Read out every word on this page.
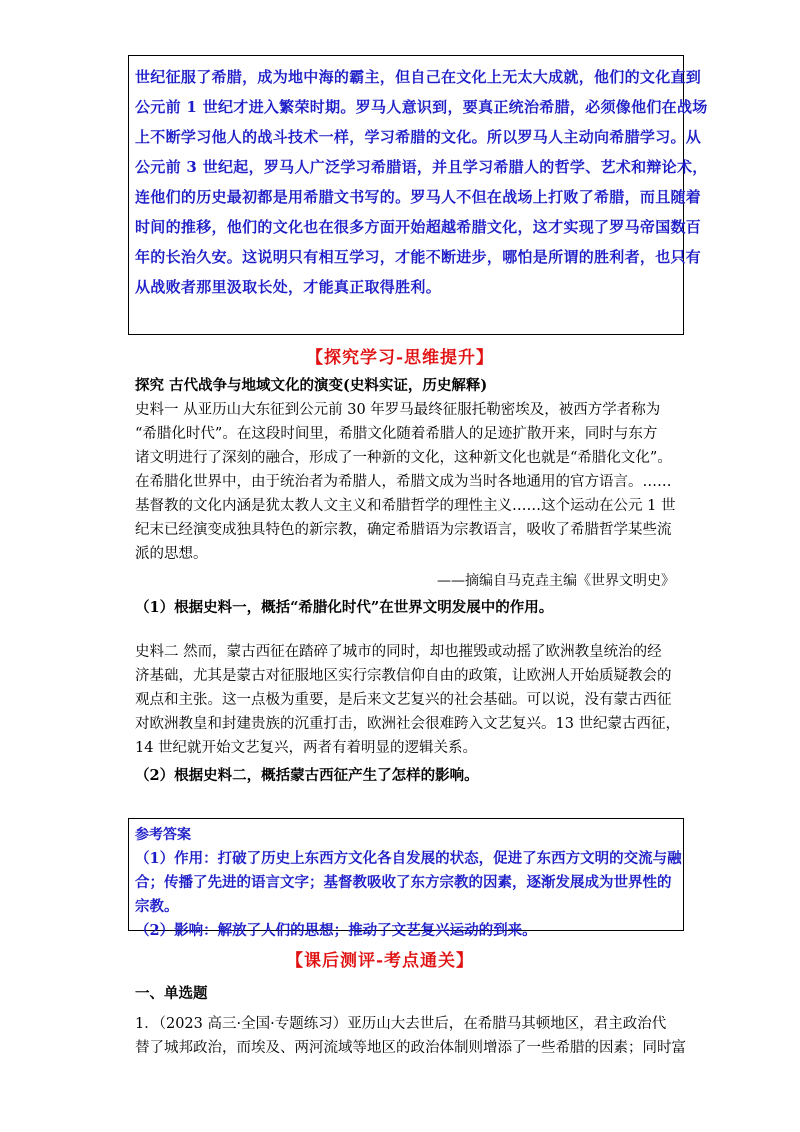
世纪征服了希腊，成为地中海的霸主，但自己在文化上无太大成就，他们的文化直到
公元前 1 世纪才进入繁荣时期。罗马人意识到，要真正统治希腊，必须像他们在战场
上不断学习他人的战斗技术一样，学习希腊的文化。所以罗马人主动向希腊学习。从
公元前 3 世纪起，罗马人广泛学习希腊语，并且学习希腊人的哲学、艺术和辩论术，
连他们的历史最初都是用希腊文书写的。罗马人不但在战场上打败了希腊，而且随着
时间的推移，他们的文化也在很多方面开始超越希腊文化，这才实现了罗马帝国数百
年的长治久安。这说明只有相互学习，才能不断进步，哪怕是所谓的胜利者，也只有
从战败者那里汲取长处，才能真正取得胜利。
【探究学习-思维提升】
探究 古代战争与地域文化的演变(史料实证，历史解释)
史料一 从亚历山大东征到公元前 30 年罗马最终征服托勒密埃及，被西方学者称为
“希腊化时代”。在这段时间里，希腊文化随着希腊人的足迹扩散开来，同时与东方
诸文明进行了深刻的融合，形成了一种新的文化，这种新文化也就是“希腊化文化”。
在希腊化世界中，由于统治者为希腊人，希腊文成为当时各地通用的官方语言。……
基督教的文化内涵是犹太教人文主义和希腊哲学的理性主义……这个运动在公元 1 世
纪末已经演变成独具特色的新宗教，确定希腊语为宗教语言，吸收了希腊哲学某些流
派的思想。
——摘编自马克垚主编《世界文明史》
（1）根据史料一，概括“希腊化时代”在世界文明发展中的作用。
史料二 然而，蒙古西征在踏碎了城市的同时，却也摧毁或动摇了欧洲教皇统治的经
济基础，尤其是蒙古对征服地区实行宗教信仰自由的政策，让欧洲人开始质疑教会的
观点和主张。这一点极为重要，是后来文艺复兴的社会基础。可以说，没有蒙古西征
对欧洲教皇和封建贵族的沉重打击，欧洲社会很难跨入文艺复兴。13 世纪蒙古西征，
14 世纪就开始文艺复兴，两者有着明显的逻辑关系。
（2）根据史料二，概括蒙古西征产生了怎样的影响。
参考答案
（1）作用：打破了历史上东西方文化各自发展的状态，促进了东西方文明的交流与融
合；传播了先进的语言文字；基督教吸收了东方宗教的因素，逐渐发展成为世界性的
宗教。
（2）影响：解放了人们的思想；推动了文艺复兴运动的到来。
【课后测评-考点通关】
一、单选题
1．（2023 高三·全国·专题练习）亚历山大去世后，在希腊马其顿地区，君主政治代
替了城邦政治，而埃及、两河流域等地区的政治体制则增添了一些希腊的因素；同时富
